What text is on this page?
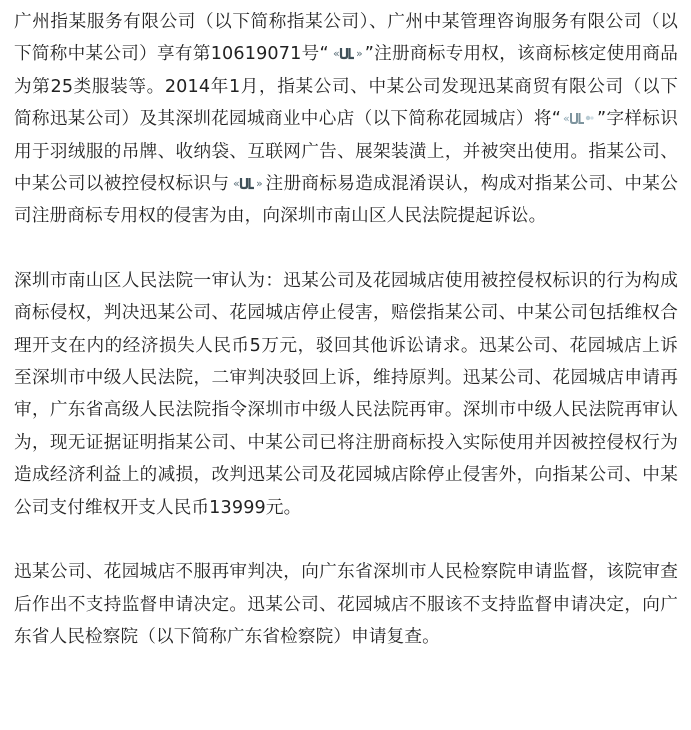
广州指某服务有限公司（以下简称指某公司）、广州中某管理咨询服务有限公司（以下简称中某公司）享有第10619071号“ « » ”注册商标专用权，该商标核定使用商品为第25类服装等。2014年1月，指某公司、中某公司发现迅某商贸有限公司（以下简称迅某公司）及其深圳花园城商业中心店（以下简称花园城店）将“ « ”字样标识用于羽绒服的吊牌、收纳袋、互联网广告、展架装潢上，并被突出使用。指某公司、中某公司以被控侵权标识与 « » 注册商标易造成混淆误认，构成对指某公司、中某公司注册商标专用权的侵害为由，向深圳市南山区人民法院提起诉讼。

深圳市南山区人民法院一审认为：迅某公司及花园城店使用被控侵权标识的行为构成商标侵权，判决迅某公司、花园城店停止侵害，赔偿指某公司、中某公司包括维权合理开支在内的经济损失人民币5万元，驳回其他诉讼请求。迅某公司、花园城店上诉至深圳市中级人民法院，二审判决驳回上诉，维持原判。迅某公司、花园城店申请再审，广东省高级人民法院指令深圳市中级人民法院再审。深圳市中级人民法院再审认为，现无证据证明指某公司、中某公司已将注册商标投入实际使用并因被控侵权行为造成经济利益上的减损，改判迅某公司及花园城店除停止侵害外，向指某公司、中某公司支付维权开支人民币13999元。

迅某公司、花园城店不服再审判决，向广东省深圳市人民检察院申请监督，该院审查后作出不支持监督申请决定。迅某公司、花园城店不服该不支持监督申请决定，向广东省人民检察院（以下简称广东省检察院）申请复查。
